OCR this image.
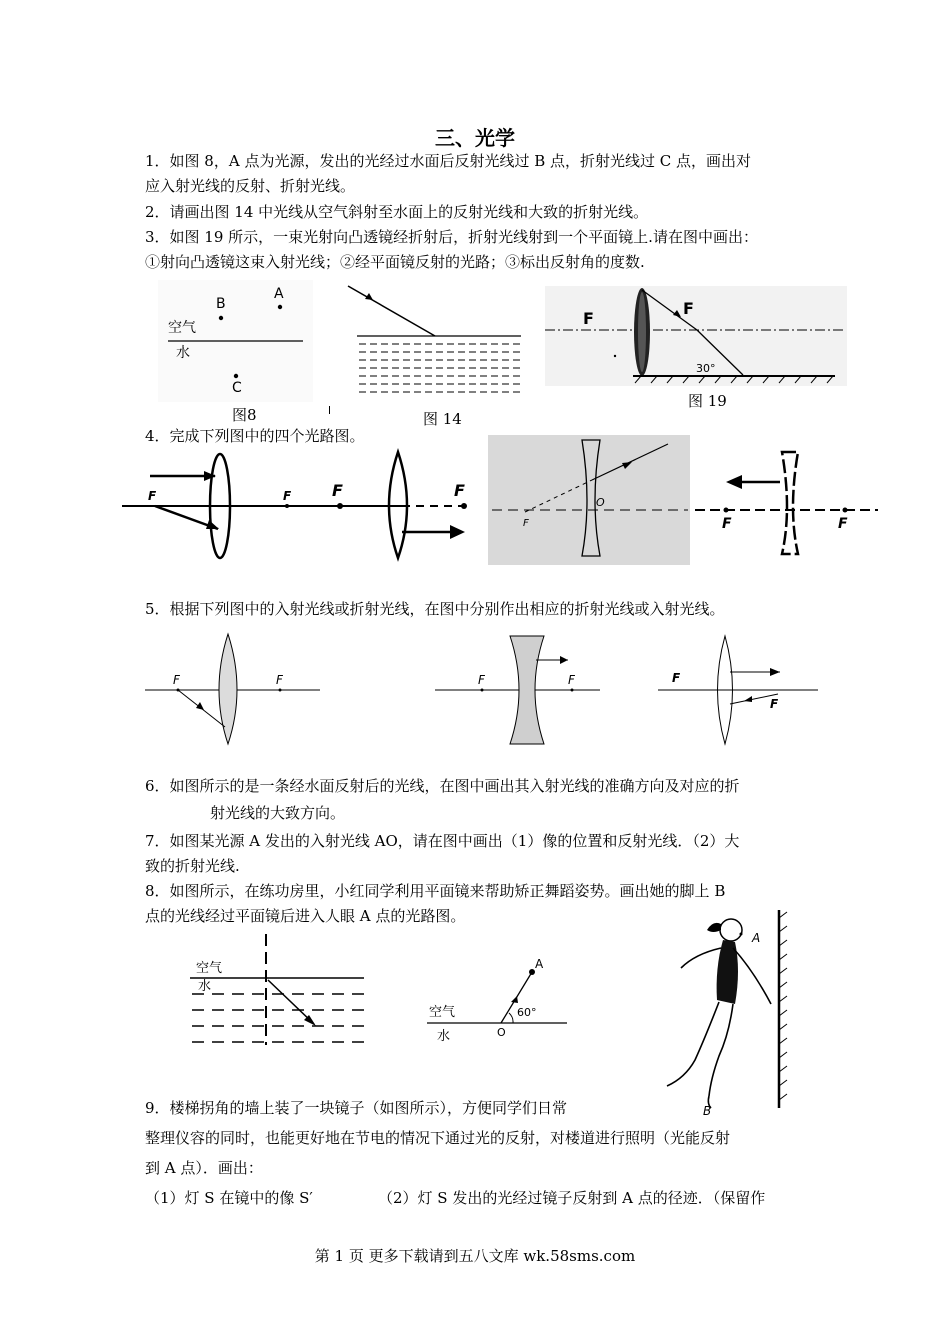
三、光学
1．如图 8，A 点为光源，发出的光经过水面后反射光线过 B 点，折射光线过 C 点，画出对
应入射光线的反射、折射光线。
2．请画出图 14 中光线从空气斜射至水面上的反射光线和大致的折射光线。
3．如图 19 所示，一束光射向凸透镜经折射后，折射光线射到一个平面镜上.请在图中画出：
①射向凸透镜这束入射光线；②经平面镜反射的光路；③标出反射角的度数.
B
A
空气
水
C
图8	图 14
F
F
30°
图 19
4．完成下列图中的四个光路图。
F	F	F	F
F
O
F	F
5．根据下列图中的入射光线或折射光线，在图中分别作出相应的折射光线或入射光线。
F	F	F	F	F
F
6．如图所示的是一条经水面反射后的光线，在图中画出其入射光线的准确方向及对应的折
射光线的大致方向。
7．如图某光源 A 发出的入射光线 AO，请在图中画出（1）像的位置和反射光线．（2）大
致的折射光线.
8．如图所示，在练功房里，小红同学利用平面镜来帮助矫正舞蹈姿势。画出她的脚上 B
点的光线经过平面镜后进入人眼 A 点的光路图。
空气
水
A
60°
空气
水	O
A
B
9．楼梯拐角的墙上装了一块镜子（如图所示），方便同学们日常
整理仪容的同时，也能更好地在节电的情况下通过光的反射，对楼道进行照明（光能反射
到 A 点）．画出：
（1）灯 S 在镜中的像 S′	（2）灯 S 发出的光经过镜子反射到 A 点的径迹．（保留作
第 1 页 更多下载请到五八文库 wk.58sms.com
